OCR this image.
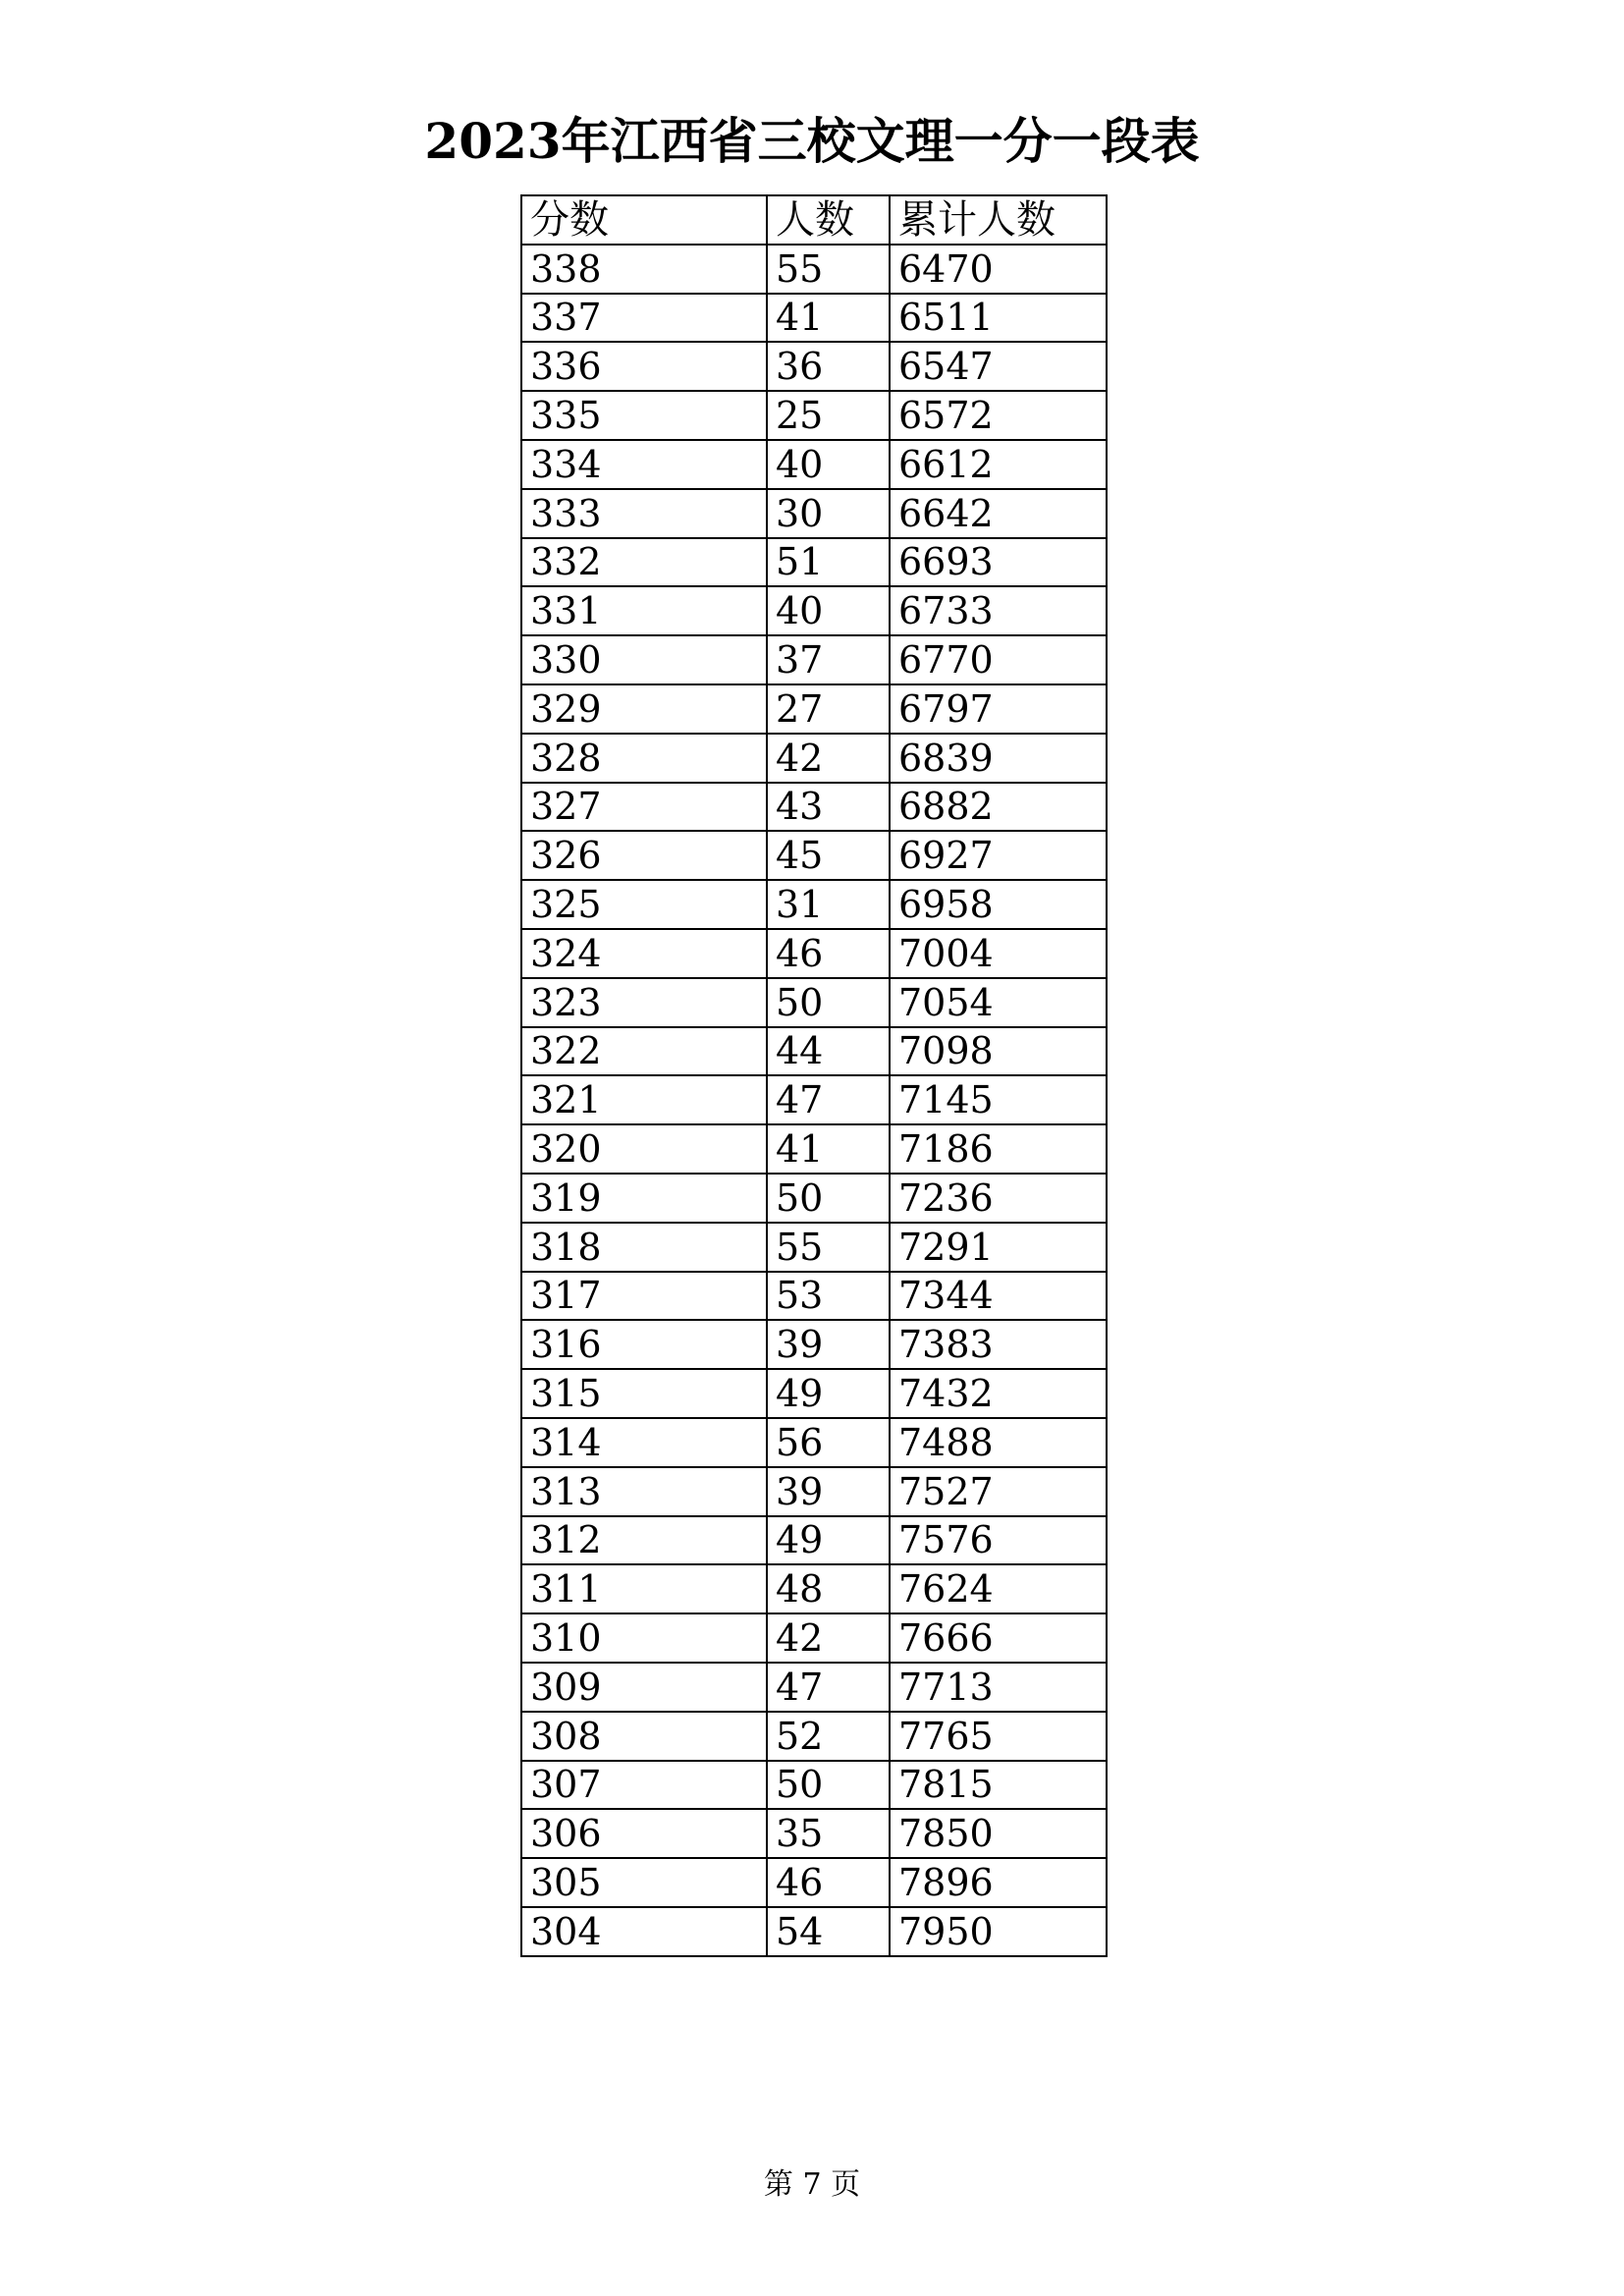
2023年江西省三校文理一分一段表
分数	人数	累计人数
338	55	6470
337	41	6511
336	36	6547
335	25	6572
334	40	6612
333	30	6642
332	51	6693
331	40	6733
330	37	6770
329	27	6797
328	42	6839
327	43	6882
326	45	6927
325	31	6958
324	46	7004
323	50	7054
322	44	7098
321	47	7145
320	41	7186
319	50	7236
318	55	7291
317	53	7344
316	39	7383
315	49	7432
314	56	7488
313	39	7527
312	49	7576
311	48	7624
310	42	7666
309	47	7713
308	52	7765
307	50	7815
306	35	7850
305	46	7896
304	54	7950
第 7 页
